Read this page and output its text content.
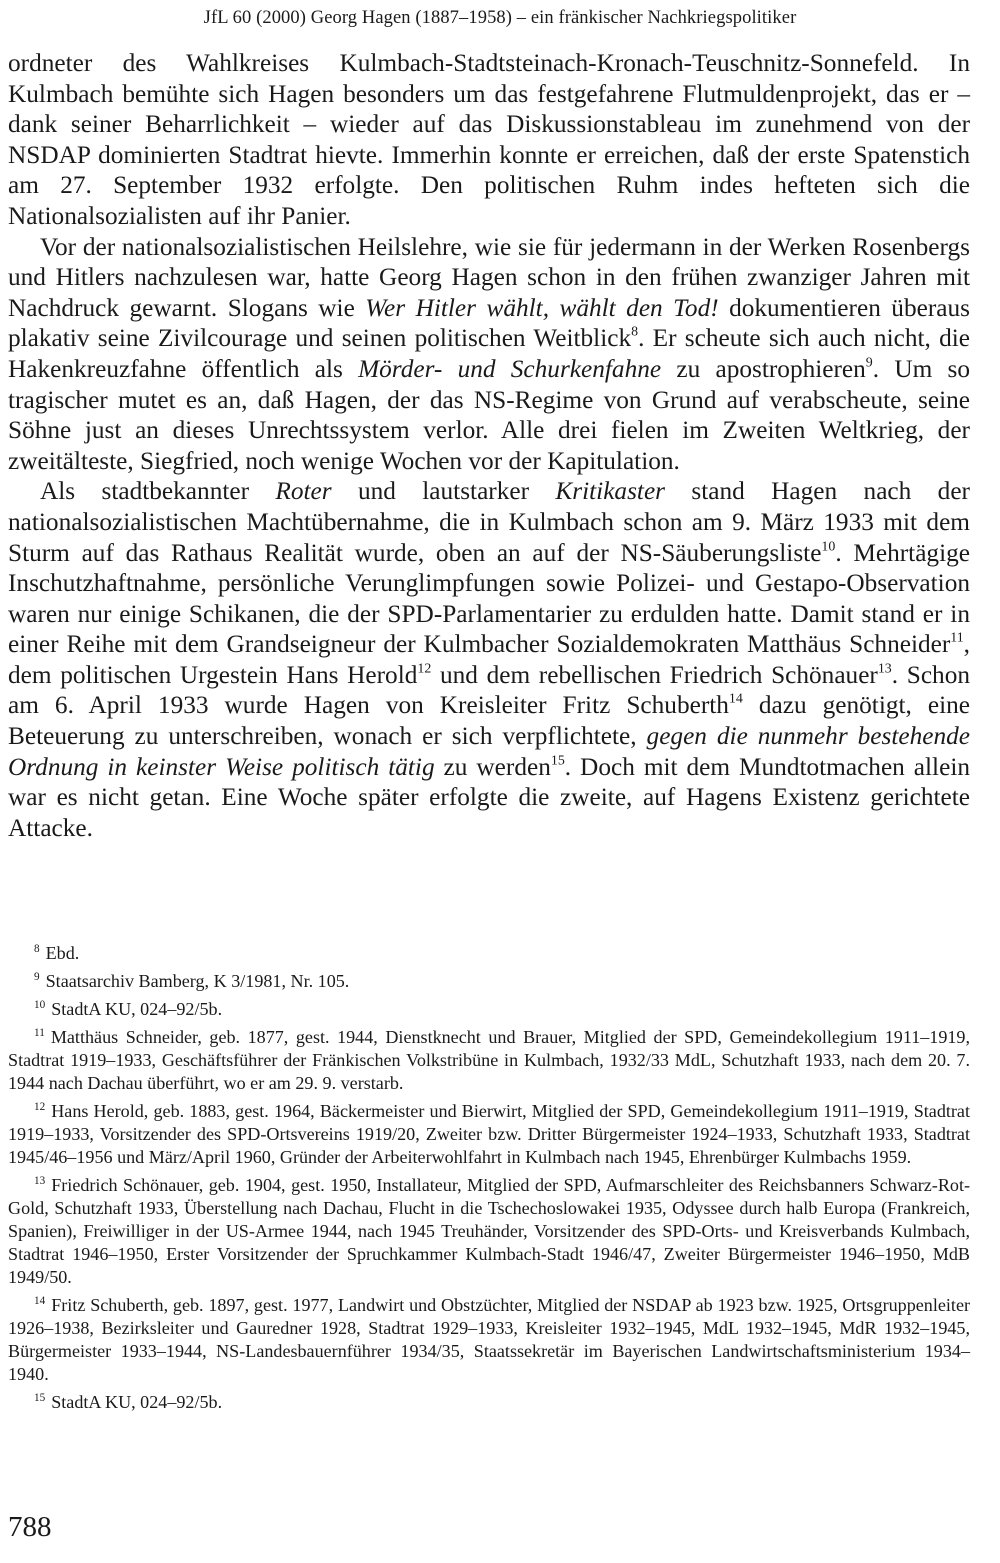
JfL 60 (2000) Georg Hagen (1887–1958) – ein fränkischer Nachkriegspolitiker

ordneter des Wahlkreises Kulmbach-Stadtsteinach-Kronach-Teuschnitz-Sonnefeld. In Kulmbach bemühte sich Hagen besonders um das festgefahrene Flutmuldenprojekt, das er – dank seiner Beharrlichkeit – wieder auf das Diskussionstableau im zunehmend von der NSDAP dominierten Stadtrat hievte. Immerhin konnte er erreichen, daß der erste Spatenstich am 27. September 1932 erfolgte. Den politischen Ruhm indes hefteten sich die Nationalsozialisten auf ihr Panier.

Vor der nationalsozialistischen Heilslehre, wie sie für jedermann in der Werken Rosenbergs und Hitlers nachzulesen war, hatte Georg Hagen schon in den frühen zwanziger Jahren mit Nachdruck gewarnt. Slogans wie Wer Hitler wählt, wählt den Tod! dokumentieren überaus plakativ seine Zivilcourage und seinen politischen Weitblick$^8$. Er scheute sich auch nicht, die Hakenkreuzfahne öffentlich als Mörder- und Schurkenfahne zu apostrophieren$^9$. Um so tragischer mutet es an, daß Hagen, der das NS-Regime von Grund auf verabscheute, seine Söhne just an dieses Unrechtssystem verlor. Alle drei fielen im Zweiten Weltkrieg, der zweitälteste, Siegfried, noch wenige Wochen vor der Kapitulation.

Als stadtbekannter Roter und lautstarker Kritikaster stand Hagen nach der nationalsozialistischen Machtübernahme, die in Kulmbach schon am 9. März 1933 mit dem Sturm auf das Rathaus Realität wurde, oben an auf der NS-Säuberungsliste$^{10}$. Mehrtägige Inschutzhaftnahme, persönliche Verunglimpfungen sowie Polizei- und Gestapo-Observation waren nur einige Schikanen, die der SPD-Parlamentarier zu erdulden hatte. Damit stand er in einer Reihe mit dem Grandseigneur der Kulmbacher Sozialdemokraten Matthäus Schneider$^{11}$, dem politischen Urgestein Hans Herold$^{12}$ und dem rebellischen Friedrich Schönauer$^{13}$. Schon am 6. April 1933 wurde Hagen von Kreisleiter Fritz Schuberth$^{14}$ dazu genötigt, eine Beteuerung zu unterschreiben, wonach er sich verpflichtete, gegen die nunmehr bestehende Ordnung in keinster Weise politisch tätig zu werden$^{15}$. Doch mit dem Mundtotmachen allein war es nicht getan. Eine Woche später erfolgte die zweite, auf Hagens Existenz gerichtete Attacke.

$^8$ Ebd.

$^9$ Staatsarchiv Bamberg, K 3/1981, Nr. 105.

$^{10}$ StadtA KU, 024–92/5b.

$^{11}$ Matthäus Schneider, geb. 1877, gest. 1944, Dienstknecht und Brauer, Mitglied der SPD, Gemeindekollegium 1911–1919, Stadtrat 1919–1933, Geschäftsführer der Fränkischen Volkstribüne in Kulmbach, 1932/33 MdL, Schutzhaft 1933, nach dem 20. 7. 1944 nach Dachau überführt, wo er am 29. 9. verstarb.

$^{12}$ Hans Herold, geb. 1883, gest. 1964, Bäckermeister und Bierwirt, Mitglied der SPD, Gemeindekollegium 1911–1919, Stadtrat 1919–1933, Vorsitzender des SPD-Ortsvereins 1919/20, Zweiter bzw. Dritter Bürgermeister 1924–1933, Schutzhaft 1933, Stadtrat 1945/46–1956 und März/April 1960, Gründer der Arbeiterwohlfahrt in Kulmbach nach 1945, Ehrenbürger Kulmbachs 1959.

$^{13}$ Friedrich Schönauer, geb. 1904, gest. 1950, Installateur, Mitglied der SPD, Aufmarschleiter des Reichsbanners Schwarz-Rot-Gold, Schutzhaft 1933, Überstellung nach Dachau, Flucht in die Tschechoslowakei 1935, Odyssee durch halb Europa (Frankreich, Spanien), Freiwilliger in der US-Armee 1944, nach 1945 Treuhänder, Vorsitzender des SPD-Orts- und Kreisverbands Kulmbach, Stadtrat 1946–1950, Erster Vorsitzender der Spruchkammer Kulmbach-Stadt 1946/47, Zweiter Bürgermeister 1946–1950, MdB 1949/50.

$^{14}$ Fritz Schuberth, geb. 1897, gest. 1977, Landwirt und Obstzüchter, Mitglied der NSDAP ab 1923 bzw. 1925, Ortsgruppenleiter 1926–1938, Bezirksleiter und Gauredner 1928, Stadtrat 1929–1933, Kreisleiter 1932–1945, MdL 1932–1945, MdR 1932–1945, Bürgermeister 1933–1944, NS-Landesbauernführer 1934/35, Staatssekretär im Bayerischen Landwirtschaftsministerium 1934–1940.

$^{15}$ StadtA KU, 024–92/5b.

788
